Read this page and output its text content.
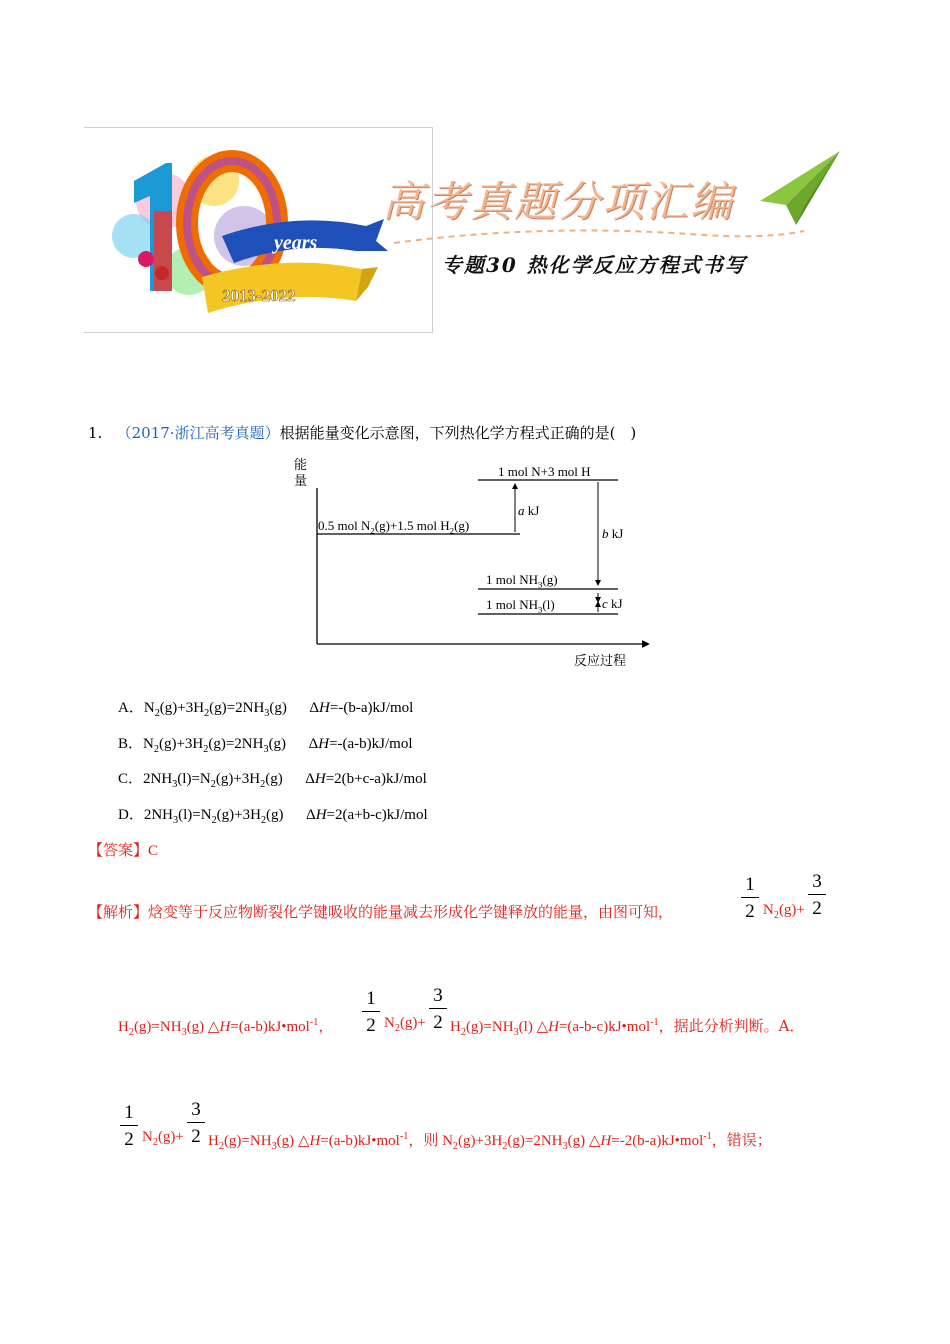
years
2013-2022
高考真题分项汇编
专题30 热化学反应方程式书写
1. （2017·浙江高考真题）根据能量变化示意图，下列热化学方程式正确的是(　)
能
量
反应过程
1 mol N+3 mol H
0.5 mol $N_2(g)+1.5$ mol $H_2(g)$
1 mol $NH_3(g)$
1 mol $NH_3(l)$
a kJ
b kJ
c kJ
A．$N_2(g)+3H_2(g)=2NH_3(g)$ ΔH=-(b-a)kJ/mol
B．$N_2(g)+3H_2(g)=2NH_3(g)$ ΔH=-(a-b)kJ/mol
C．$2NH_3(l)=N_2(g)+3H_2(g)$ ΔH=2(b+c-a)kJ/mol
D．$2NH_3(l)=N_2(g)+3H_2(g)$ ΔH=2(a+b-c)kJ/mol
【答案】C
【解析】焓变等于反应物断裂化学键吸收的能量减去形成化学键释放的能量，由图可知，
1
2 $N_2(g)+$
3
2
$H_2(g)=NH_3(g)$ △H=(a-b)kJ•mol$^{-1}$，
1
2 $N_2(g)+$
3
2 $H_2(g)=NH_3(l)$ △H=(a-b-c)kJ•mol$^{-1}$，据此分析判断。A．
1
2 $N_2(g)+$
3
2 $H_2(g)=NH_3(g)$ △H=(a-b)kJ•mol$^{-1}$，则 $N_2(g)+3H_2(g)=2NH_3(g)$ △H=-2(b-a)kJ•mol$^{-1}$，错误；
